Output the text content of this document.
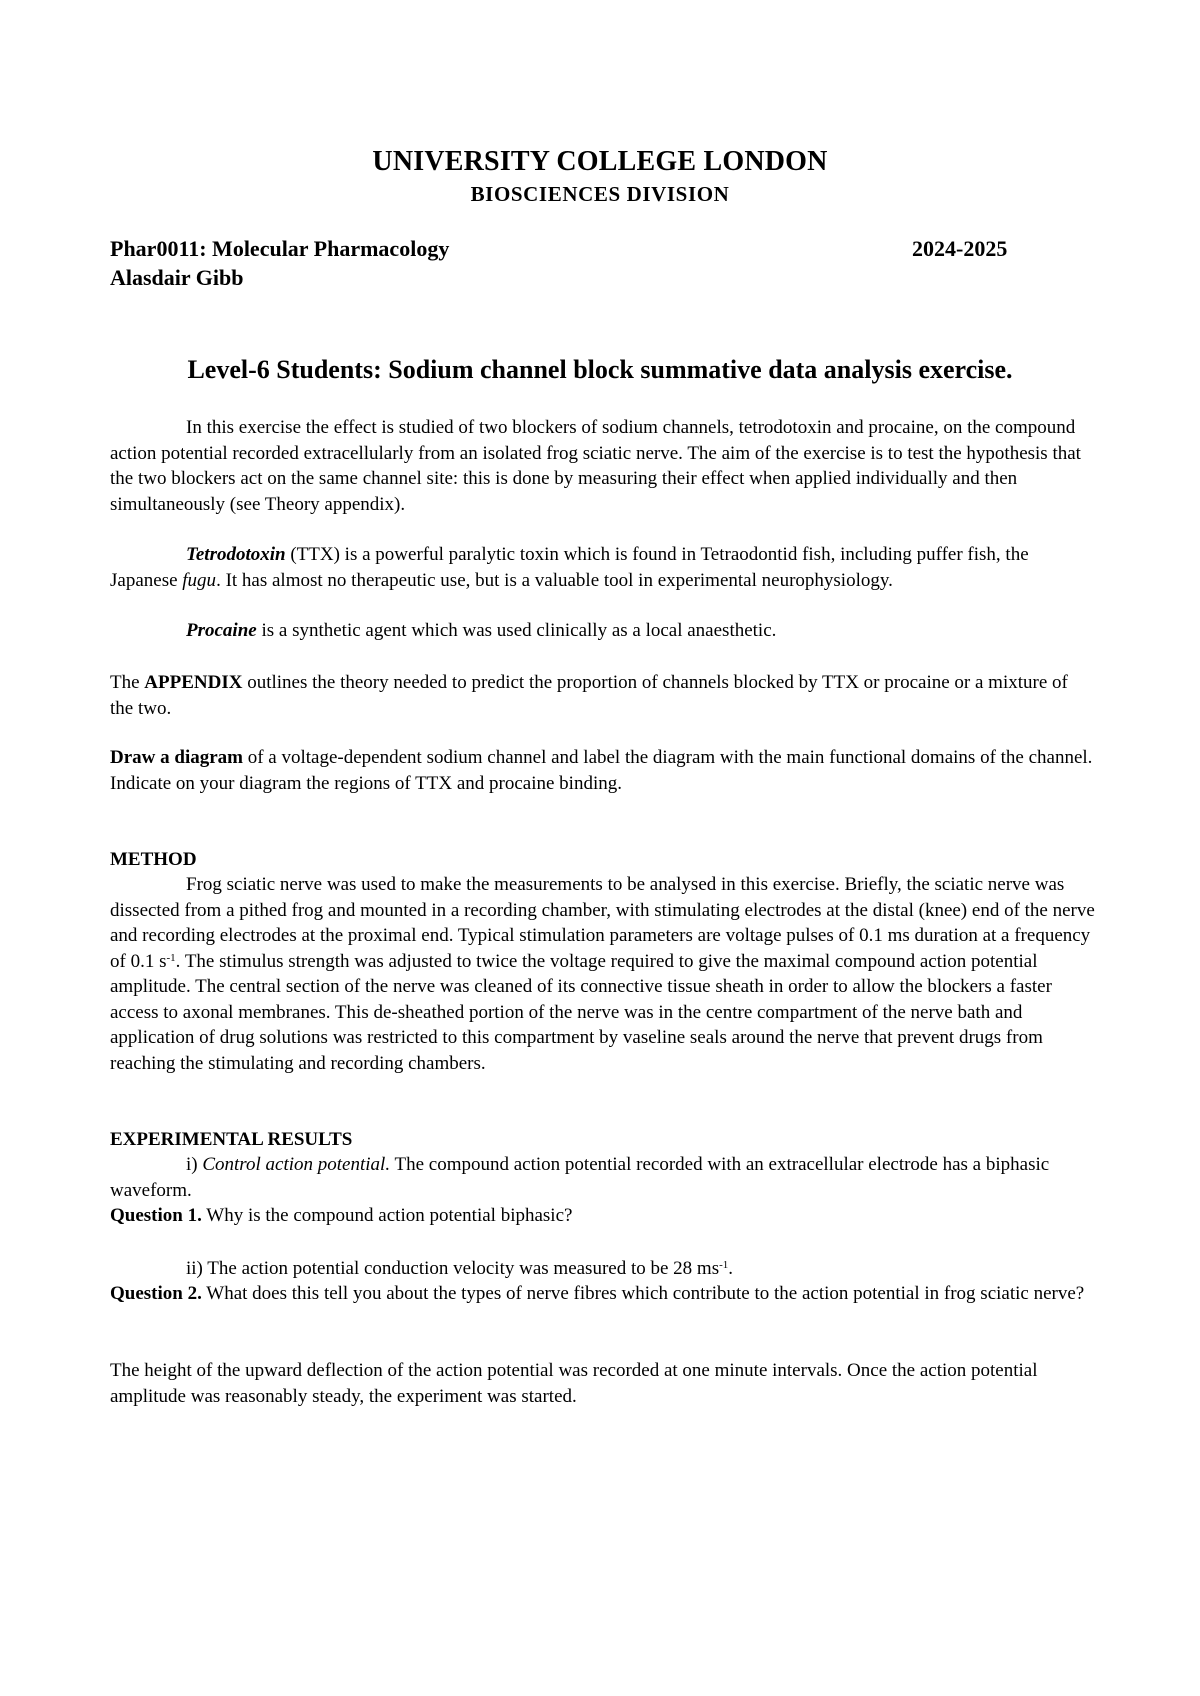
UNIVERSITY COLLEGE LONDON
BIOSCIENCES DIVISION
Phar0011: Molecular Pharmacology	2024-2025
Alasdair Gibb
Level-6 Students: Sodium channel block summative data analysis exercise.

In this exercise the effect is studied of two blockers of sodium channels, tetrodotoxin and procaine, on the compound action potential recorded extracellularly from an isolated frog sciatic nerve. The aim of the exercise is to test the hypothesis that the two blockers act on the same channel site: this is done by measuring their effect when applied individually and then simultaneously (see Theory appendix).

Tetrodotoxin (TTX) is a powerful paralytic toxin which is found in Tetraodontid fish, including puffer fish, the Japanese fugu. It has almost no therapeutic use, but is a valuable tool in experimental neurophysiology.

Procaine is a synthetic agent which was used clinically as a local anaesthetic.

The APPENDIX outlines the theory needed to predict the proportion of channels blocked by TTX or procaine or a mixture of the two.

Draw a diagram of a voltage-dependent sodium channel and label the diagram with the main functional domains of the channel. Indicate on your diagram the regions of TTX and procaine binding.

METHOD

Frog sciatic nerve was used to make the measurements to be analysed in this exercise. Briefly, the sciatic nerve was dissected from a pithed frog and mounted in a recording chamber, with stimulating electrodes at the distal (knee) end of the nerve and recording electrodes at the proximal end. Typical stimulation parameters are voltage pulses of 0.1 ms duration at a frequency of 0.1 $s^{-1}$. The stimulus strength was adjusted to twice the voltage required to give the maximal compound action potential amplitude. The central section of the nerve was cleaned of its connective tissue sheath in order to allow the blockers a faster access to axonal membranes. This de-sheathed portion of the nerve was in the centre compartment of the nerve bath and application of drug solutions was restricted to this compartment by vaseline seals around the nerve that prevent drugs from reaching the stimulating and recording chambers.

EXPERIMENTAL RESULTS

i) Control action potential. The compound action potential recorded with an extracellular electrode has a biphasic waveform.

Question 1. Why is the compound action potential biphasic?

ii) The action potential conduction velocity was measured to be 28 $ms^{-1}$.

Question 2. What does this tell you about the types of nerve fibres which contribute to the action potential in frog sciatic nerve?

The height of the upward deflection of the action potential was recorded at one minute intervals. Once the action potential amplitude was reasonably steady, the experiment was started.
